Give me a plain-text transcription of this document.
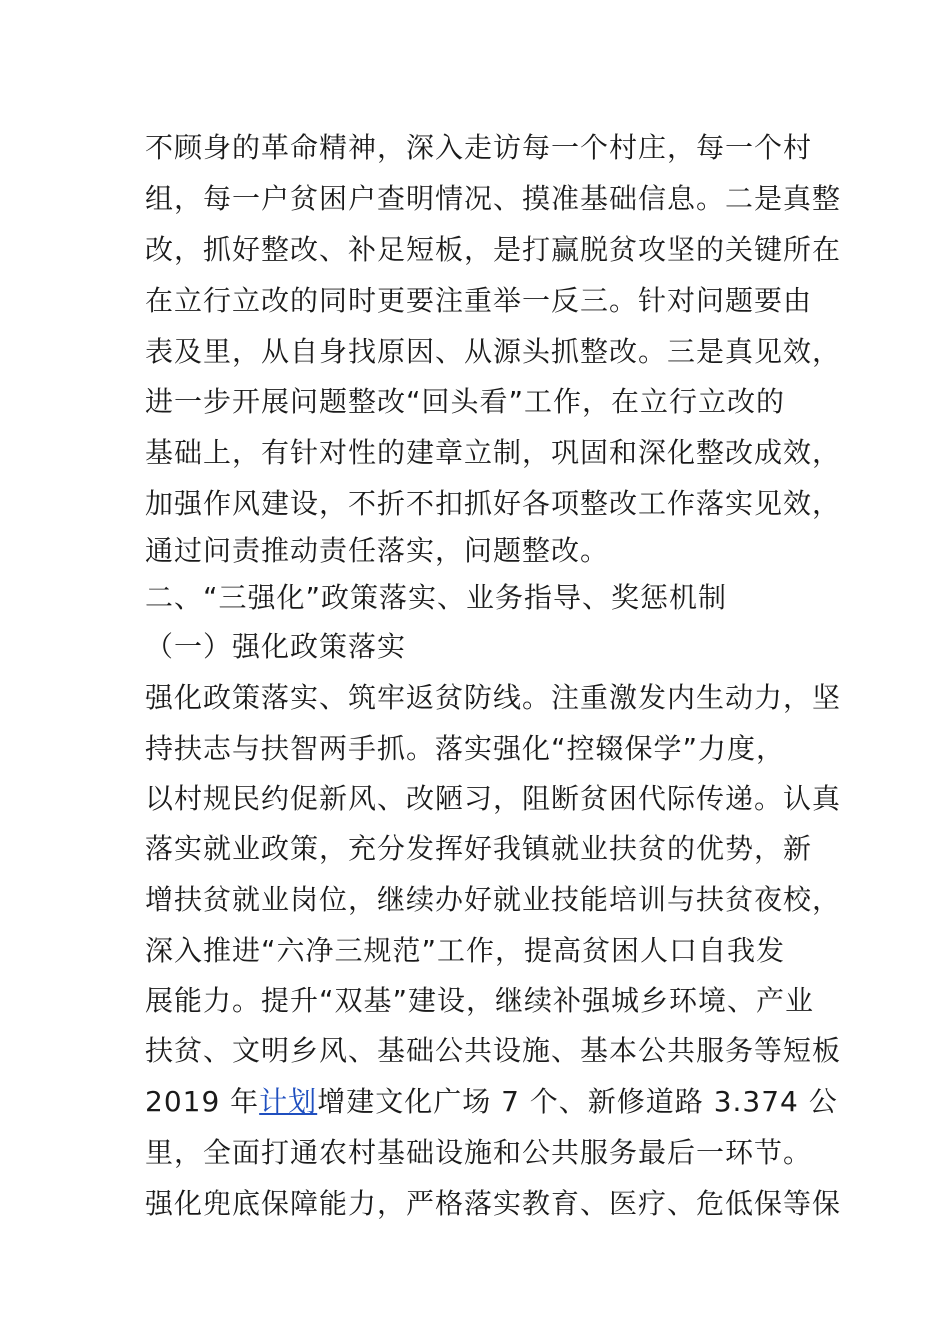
不顾身的革命精神，深入走访每一个村庄，每一个村
组，每一户贫困户查明情况、摸准基础信息。二是真整
改，抓好整改、补足短板，是打赢脱贫攻坚的关键所在
在立行立改的同时更要注重举一反三。针对问题要由
表及里，从自身找原因、从源头抓整改。三是真见效，
进一步开展问题整改“回头看”工作，在立行立改的
基础上，有针对性的建章立制，巩固和深化整改成效，
加强作风建设，不折不扣抓好各项整改工作落实见效，
通过问责推动责任落实，问题整改。
二、“三强化”政策落实、业务指导、奖惩机制
（一）强化政策落实
强化政策落实、筑牢返贫防线。注重激发内生动力，坚
持扶志与扶智两手抓。落实强化“控辍保学”力度，
以村规民约促新风、改陋习，阻断贫困代际传递。认真
落实就业政策，充分发挥好我镇就业扶贫的优势，新
增扶贫就业岗位，继续办好就业技能培训与扶贫夜校，
深入推进“六净三规范”工作，提高贫困人口自我发
展能力。提升“双基”建设，继续补强城乡环境、产业
扶贫、文明乡风、基础公共设施、基本公共服务等短板
2019 年计划增建文化广场 7 个、新修道路 3.374 公
里，全面打通农村基础设施和公共服务最后一环节。
强化兜底保障能力，严格落实教育、医疗、危低保等保
